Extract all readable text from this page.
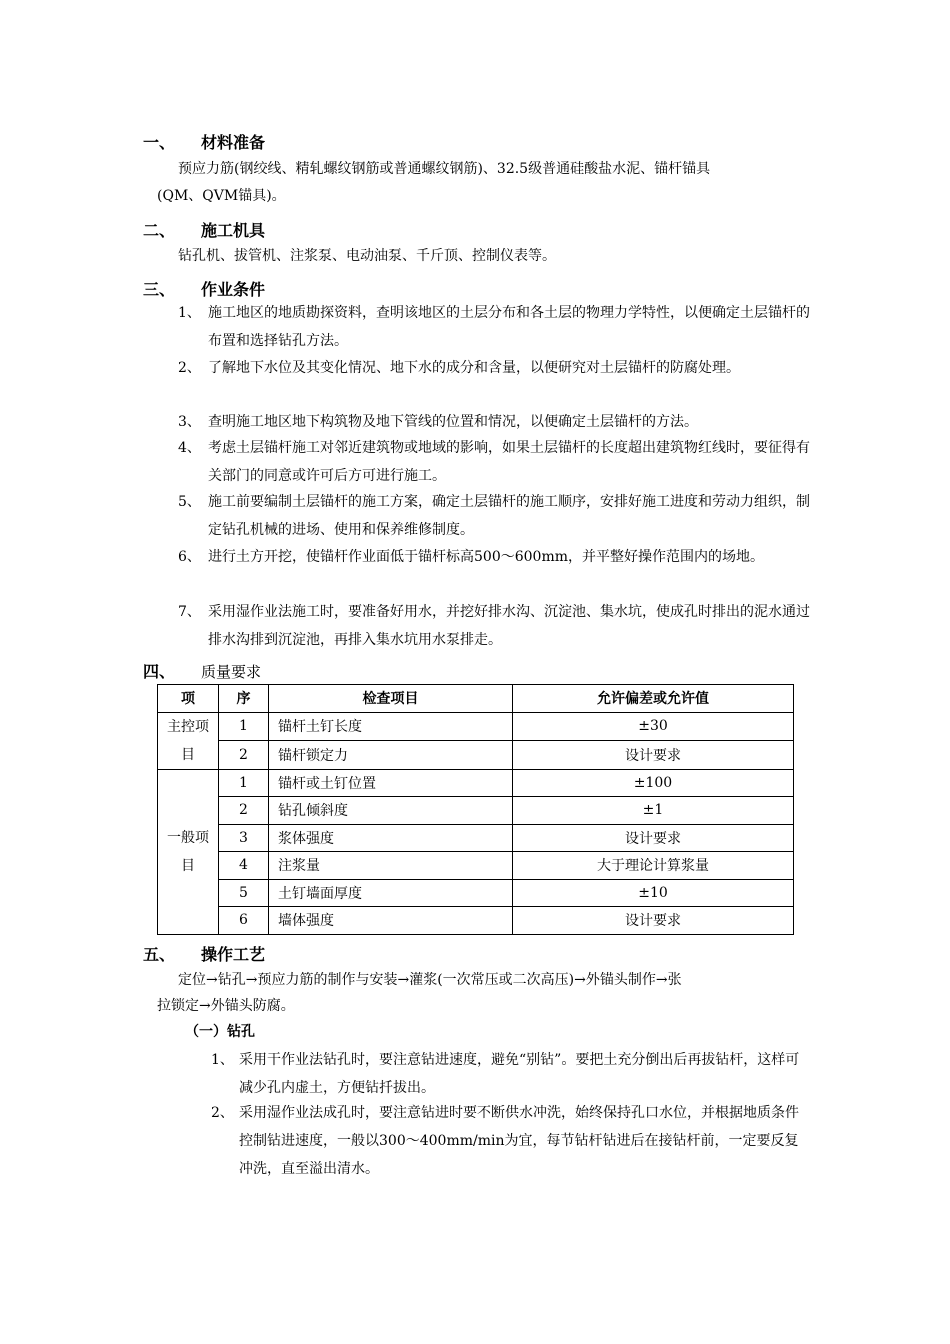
一、 材料准备
预应力筋(钢绞线、精轧螺纹钢筋或普通螺纹钢筋)、32.5级普通硅酸盐水泥、锚杆锚具
(QM、QVM锚具)。
二、 施工机具
钻孔机、拔管机、注浆泵、电动油泵、千斤顶、控制仪表等。
三、 作业条件
1、 施工地区的地质勘探资料，查明该地区的土层分布和各土层的物理力学特性，以便确定土层锚杆的布置和选择钻孔方法。
2、 了解地下水位及其变化情况、地下水的成分和含量，以便研究对土层锚杆的防腐处理。
3、 查明施工地区地下构筑物及地下管线的位置和情况，以便确定土层锚杆的方法。
4、 考虑土层锚杆施工对邻近建筑物或地域的影响，如果土层锚杆的长度超出建筑物红线时，要征得有关部门的同意或许可后方可进行施工。
5、 施工前要编制土层锚杆的施工方案，确定土层锚杆的施工顺序，安排好施工进度和劳动力组织，制定钻孔机械的进场、使用和保养维修制度。
6、 进行土方开挖，使锚杆作业面低于锚杆标高500～600mm，并平整好操作范围内的场地。
7、 采用湿作业法施工时，要准备好用水，并挖好排水沟、沉淀池、集水坑，使成孔时排出的泥水通过排水沟排到沉淀池，再排入集水坑用水泵排走。
四、 质量要求
项	序	检查项目	允许偏差或允许值

主控项目	1	锚杆土钉长度	±30
	2	锚杆锁定力	设计要求

一般项目	1	锚杆或土钉位置	±100
	2	钻孔倾斜度	±1
	3	浆体强度	设计要求
	4	注浆量	大于理论计算浆量
	5	土钉墙面厚度	±10
	6	墙体强度	设计要求
五、 操作工艺
定位→钻孔→预应力筋的制作与安装→灌浆(一次常压或二次高压)→外锚头制作→张
拉锁定→外锚头防腐。
（一）钻孔
1、 采用干作业法钻孔时，要注意钻进速度，避免“别钻”。要把土充分倒出后再拔钻杆，这样可减少孔内虚土，方便钻扦拔出。
2、 采用湿作业法成孔时，要注意钻进时要不断供水冲洗，始终保持孔口水位，并根据地质条件控制钻进速度，一般以300～400mm/min为宜，每节钻杆钻进后在接钻杆前，一定要反复冲洗，直至溢出清水。
